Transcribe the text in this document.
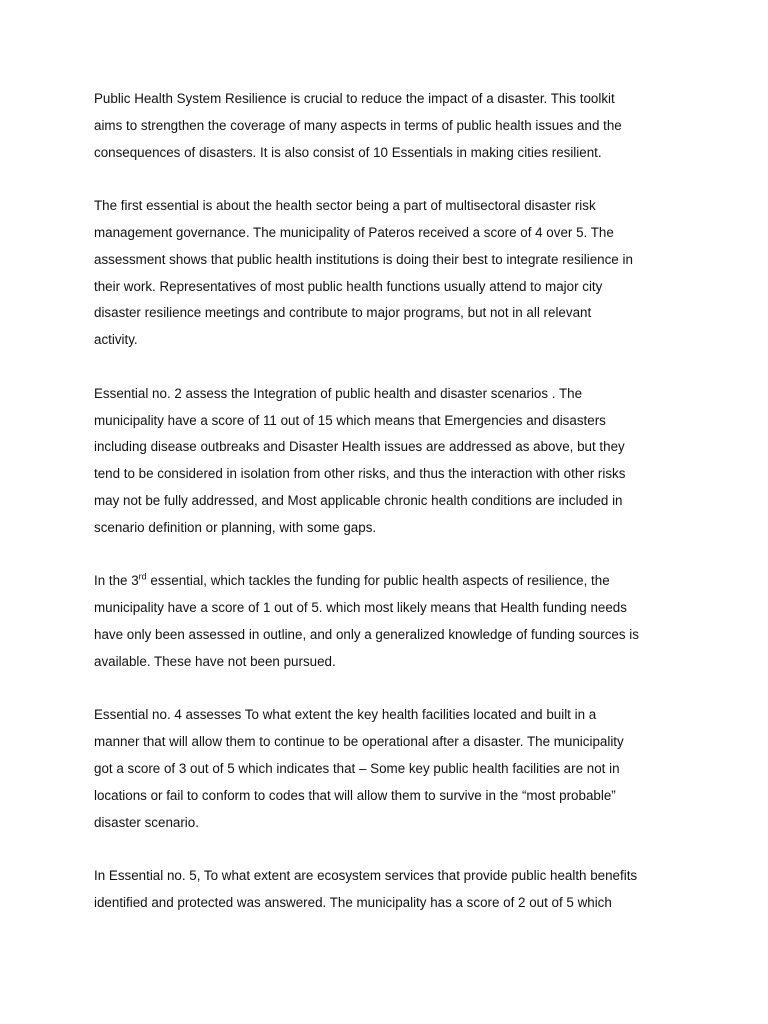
Public Health System Resilience is crucial to reduce the impact of a disaster. This toolkit
aims to strengthen the coverage of many aspects in terms of public health issues and the
consequences of disasters. It is also consist of 10 Essentials in making cities resilient.

The first essential is about the health sector being a part of multisectoral disaster risk
management governance. The municipality of Pateros received a score of 4 over 5. The
assessment shows that public health institutions is doing their best to integrate resilience in
their work. Representatives of most public health functions usually attend to major city
disaster resilience meetings and contribute to major programs, but not in all relevant
activity.

Essential no. 2 assess the Integration of public health and disaster scenarios . The
municipality have a score of 11 out of 15 which means that Emergencies and disasters
including disease outbreaks and Disaster Health issues are addressed as above, but they
tend to be considered in isolation from other risks, and thus the interaction with other risks
may not be fully addressed, and Most applicable chronic health conditions are included in
scenario definition or planning, with some gaps.

In the 3rd essential, which tackles the funding for public health aspects of resilience, the
municipality have a score of 1 out of 5. which most likely means that Health funding needs
have only been assessed in outline, and only a generalized knowledge of funding sources is
available. These have not been pursued.

Essential no. 4 assesses To what extent the key health facilities located and built in a
manner that will allow them to continue to be operational after a disaster. The municipality
got a score of 3 out of 5 which indicates that – Some key public health facilities are not in
locations or fail to conform to codes that will allow them to survive in the “most probable”
disaster scenario.

In Essential no. 5, To what extent are ecosystem services that provide public health benefits
identified and protected was answered. The municipality has a score of 2 out of 5 which
